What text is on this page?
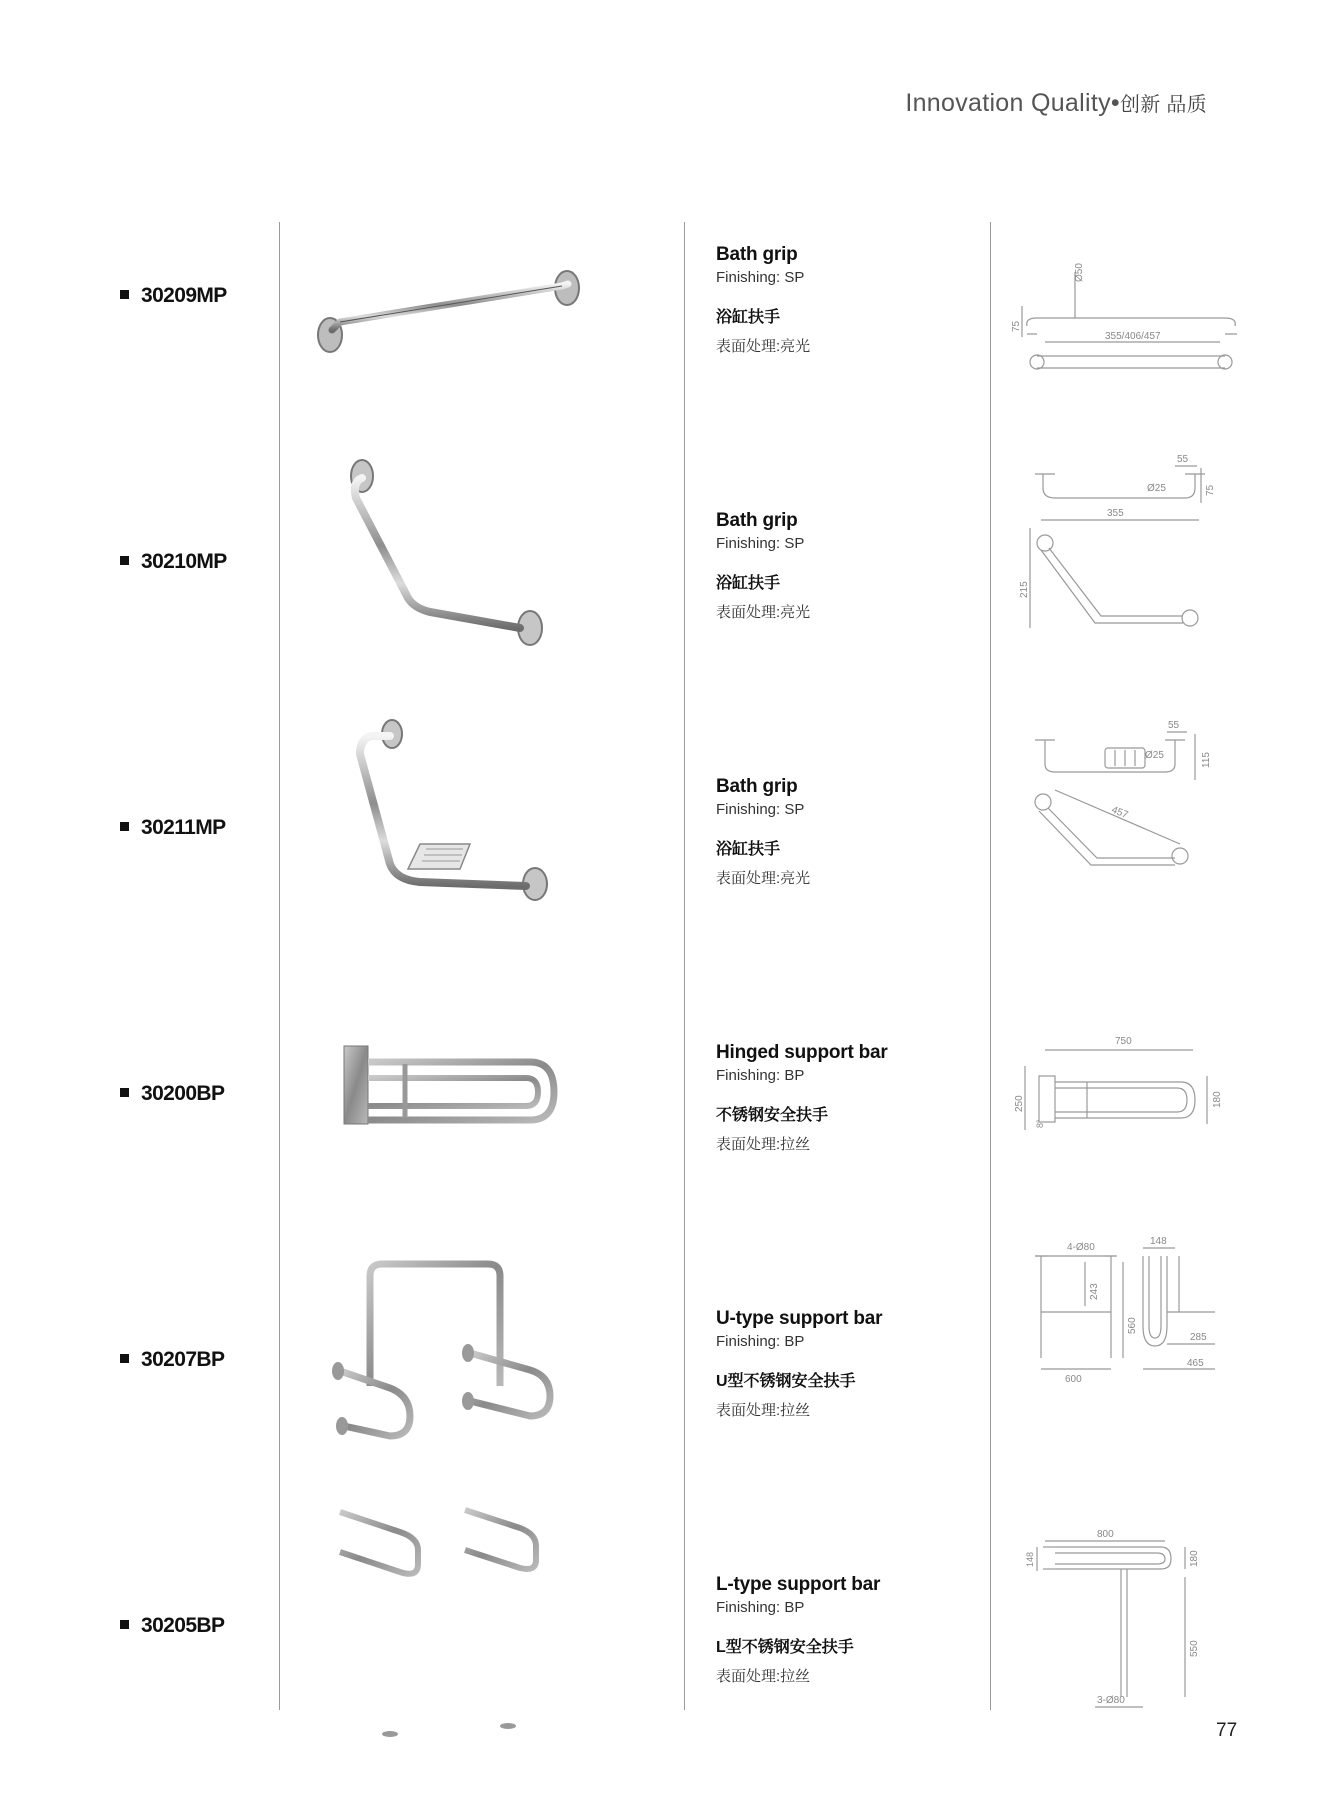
Innovation Quality•创新 品质
30209MP
Bath grip
Finishing: SP
浴缸扶手
表面处理:亮光
Ø50
75
355/406/457
30210MP
Bath grip
Finishing: SP
浴缸扶手
表面处理:亮光
55
Ø25	75
355
215
30211MP
Bath grip
Finishing: SP
浴缸扶手
表面处理:亮光
55
Ø25	115
457
30200BP
Hinged support bar
Finishing: BP
不锈钢安全扶手
表面处理:拉丝
750
250
8°
180
30207BP
U-type support bar
Finishing: BP
U型不锈钢安全扶手
表面处理:拉丝
4-Ø80
148
243
560
285
600
465
30205BP
L-type support bar
Finishing: BP
L型不锈钢安全扶手
表面处理:拉丝
800
148	180
550
3-Ø80
77
